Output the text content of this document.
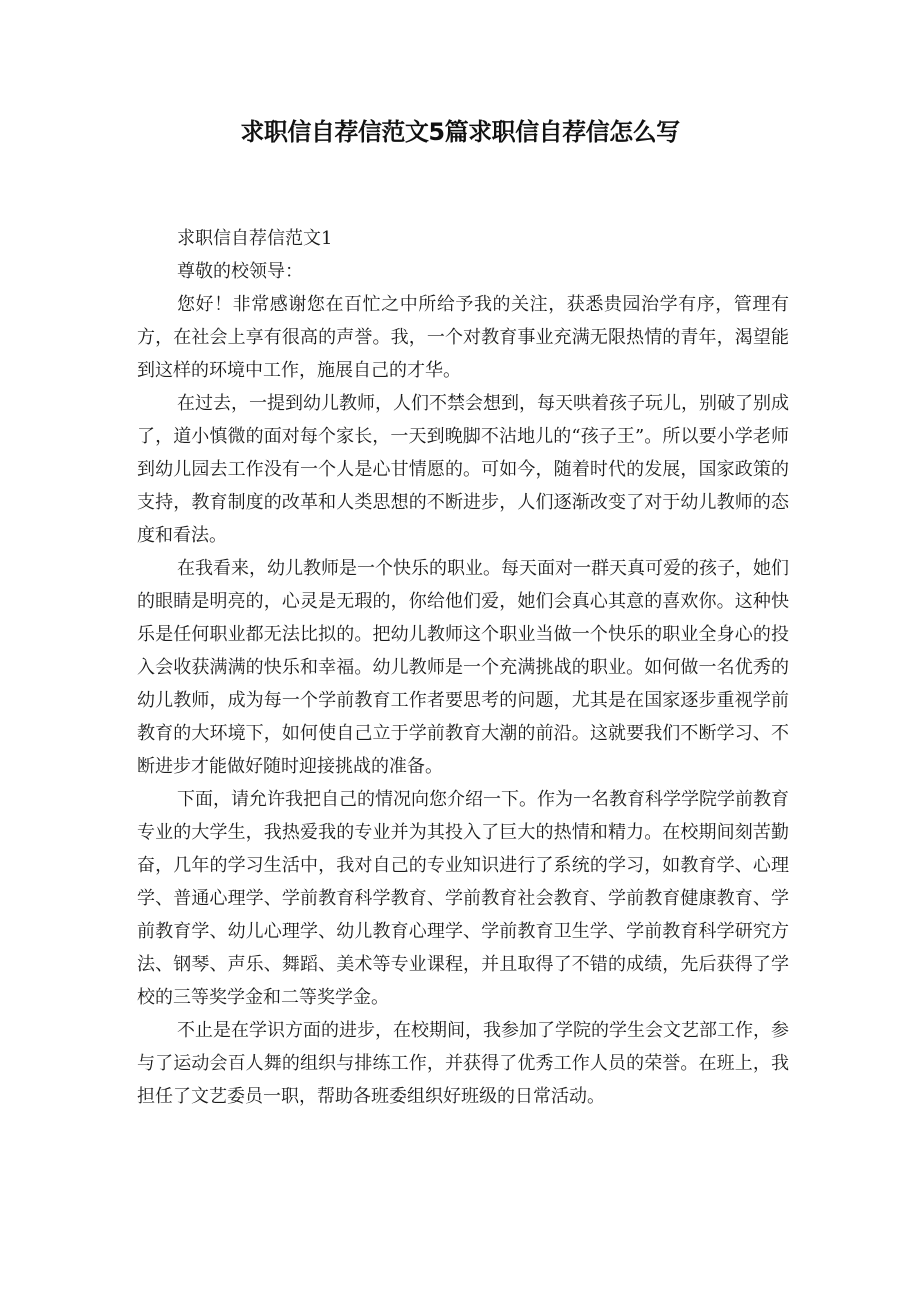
求职信自荐信范文5篇求职信自荐信怎么写
求职信自荐信范文1
尊敬的校领导：

您好！非常感谢您在百忙之中所给予我的关注，获悉贵园治学有序，管理有方，在社会上享有很高的声誉。我，一个对教育事业充满无限热情的青年，渴望能到这样的环境中工作，施展自己的才华。

在过去，一提到幼儿教师，人们不禁会想到，每天哄着孩子玩儿，别破了别成了，道小慎微的面对每个家长，一天到晚脚不沾地儿的“孩子王”。所以要小学老师到幼儿园去工作没有一个人是心甘情愿的。可如今，随着时代的发展，国家政策的支持，教育制度的改革和人类思想的不断进步，人们逐渐改变了对于幼儿教师的态度和看法。

在我看来，幼儿教师是一个快乐的职业。每天面对一群天真可爱的孩子，她们的眼睛是明亮的，心灵是无瑕的，你给他们爱，她们会真心其意的喜欢你。这种快乐是任何职业都无法比拟的。把幼儿教师这个职业当做一个快乐的职业全身心的投入会收获满满的快乐和幸福。幼儿教师是一个充满挑战的职业。如何做一名优秀的幼儿教师，成为每一个学前教育工作者要思考的问题，尤其是在国家逐步重视学前教育的大环境下，如何使自己立于学前教育大潮的前沿。这就要我们不断学习、不断进步才能做好随时迎接挑战的准备。

下面，请允许我把自己的情况向您介绍一下。作为一名教育科学学院学前教育专业的大学生，我热爱我的专业并为其投入了巨大的热情和精力。在校期间刻苦勤奋，几年的学习生活中，我对自己的专业知识进行了系统的学习，如教育学、心理学、普通心理学、学前教育科学教育、学前教育社会教育、学前教育健康教育、学前教育学、幼儿心理学、幼儿教育心理学、学前教育卫生学、学前教育科学研究方法、钢琴、声乐、舞蹈、美术等专业课程，并且取得了不错的成绩，先后获得了学校的三等奖学金和二等奖学金。

不止是在学识方面的进步，在校期间，我参加了学院的学生会文艺部工作，参与了运动会百人舞的组织与排练工作，并获得了优秀工作人员的荣誉。在班上，我担任了文艺委员一职，帮助各班委组织好班级的日常活动。
